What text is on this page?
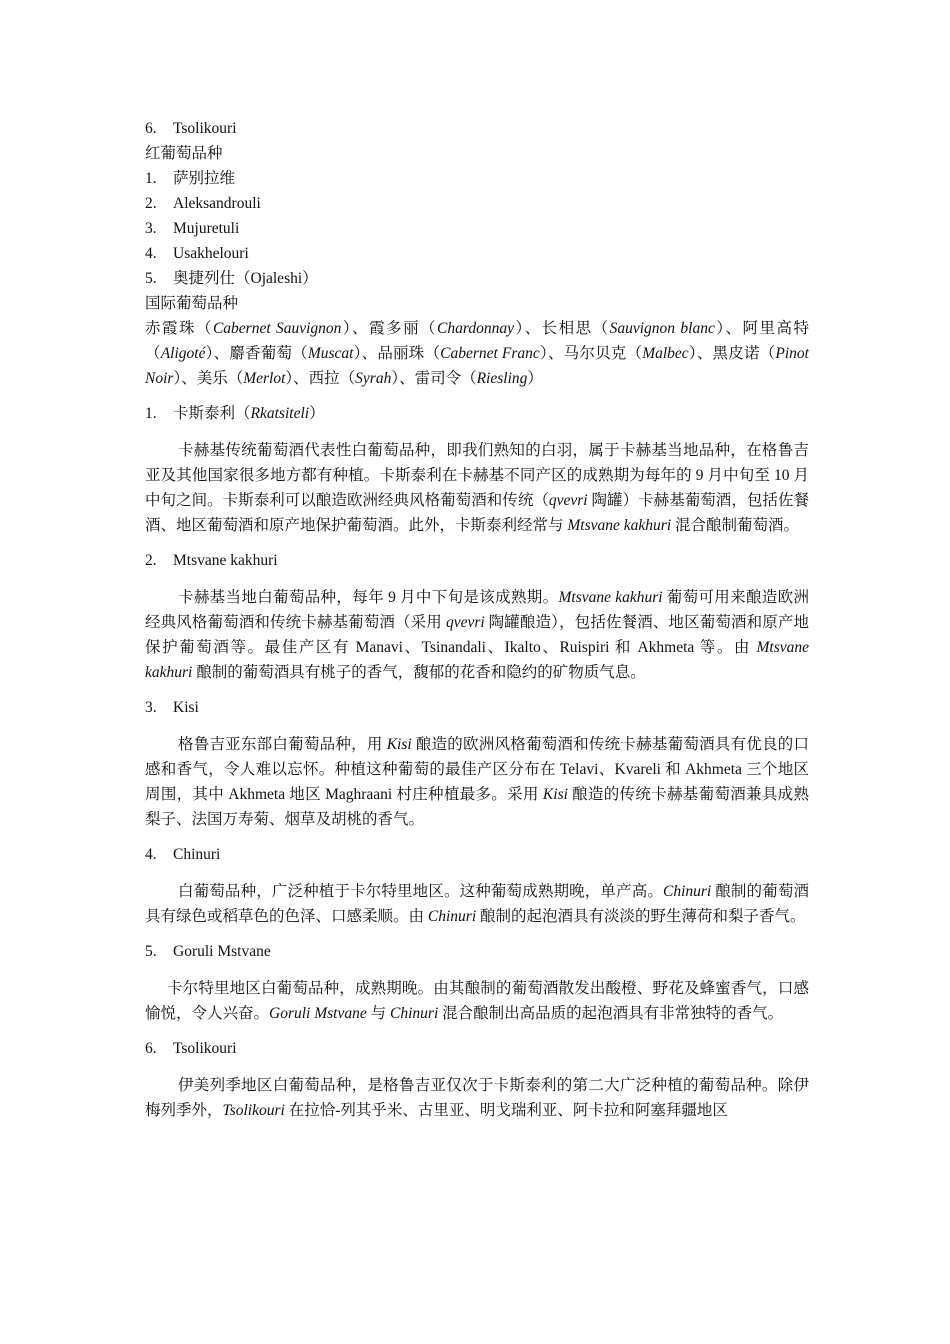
6. Tsolikouri
红葡萄品种
1. 萨别拉维
2. Aleksandrouli
3. Mujuretuli
4. Usakhelouri
5. 奥捷列仕（Ojaleshi）
国际葡萄品种
赤霞珠（Cabernet Sauvignon）、霞多丽（Chardonnay）、长相思（Sauvignon blanc）、阿里高特（Aligoté）、麝香葡萄（Muscat）、品丽珠（Cabernet Franc）、马尔贝克（Malbec）、黑皮诺（Pinot Noir）、美乐（Merlot）、西拉（Syrah）、雷司令（Riesling）
1. 卡斯泰利（Rkatsiteli）
卡赫基传统葡萄酒代表性白葡萄品种，即我们熟知的白羽，属于卡赫基当地品种，在格鲁吉亚及其他国家很多地方都有种植。卡斯泰利在卡赫基不同产区的成熟期为每年的 9 月中旬至 10 月中旬之间。卡斯泰利可以酿造欧洲经典风格葡萄酒和传统（qvevri 陶罐）卡赫基葡萄酒，包括佐餐酒、地区葡萄酒和原产地保护葡萄酒。此外，卡斯泰利经常与 Mtsvane kakhuri 混合酿制葡萄酒。
2. Mtsvane kakhuri
卡赫基当地白葡萄品种，每年 9 月中下旬是该成熟期。Mtsvane kakhuri 葡萄可用来酿造欧洲经典风格葡萄酒和传统卡赫基葡萄酒（采用 qvevri 陶罐酿造），包括佐餐酒、地区葡萄酒和原产地保护葡萄酒等。最佳产区有 Manavi、Tsinandali、Ikalto、Ruispiri 和 Akhmeta 等。由 Mtsvane kakhuri 酿制的葡萄酒具有桃子的香气，馥郁的花香和隐约的矿物质气息。
3. Kisi
格鲁吉亚东部白葡萄品种，用 Kisi 酿造的欧洲风格葡萄酒和传统卡赫基葡萄酒具有优良的口感和香气，令人难以忘怀。种植这种葡萄的最佳产区分布在 Telavi、Kvareli 和 Akhmeta 三个地区周围，其中 Akhmeta 地区 Maghraani 村庄种植最多。采用 Kisi 酿造的传统卡赫基葡萄酒兼具成熟梨子、法国万寿菊、烟草及胡桃的香气。
4. Chinuri
白葡萄品种，广泛种植于卡尔特里地区。这种葡萄成熟期晚，单产高。Chinuri 酿制的葡萄酒具有绿色或稻草色的色泽、口感柔顺。由 Chinuri 酿制的起泡酒具有淡淡的野生薄荷和梨子香气。
5. Goruli Mstvane
卡尔特里地区白葡萄品种，成熟期晚。由其酿制的葡萄酒散发出酸橙、野花及蜂蜜香气，口感愉悦，令人兴奋。Goruli Mstvane 与 Chinuri 混合酿制出高品质的起泡酒具有非常独特的香气。
6. Tsolikouri
伊美列季地区白葡萄品种，是格鲁吉亚仅次于卡斯泰利的第二大广泛种植的葡萄品种。除伊梅列季外，Tsolikouri 在拉恰-列其乎米、古里亚、明戈瑞利亚、阿卡拉和阿塞拜疆地区
